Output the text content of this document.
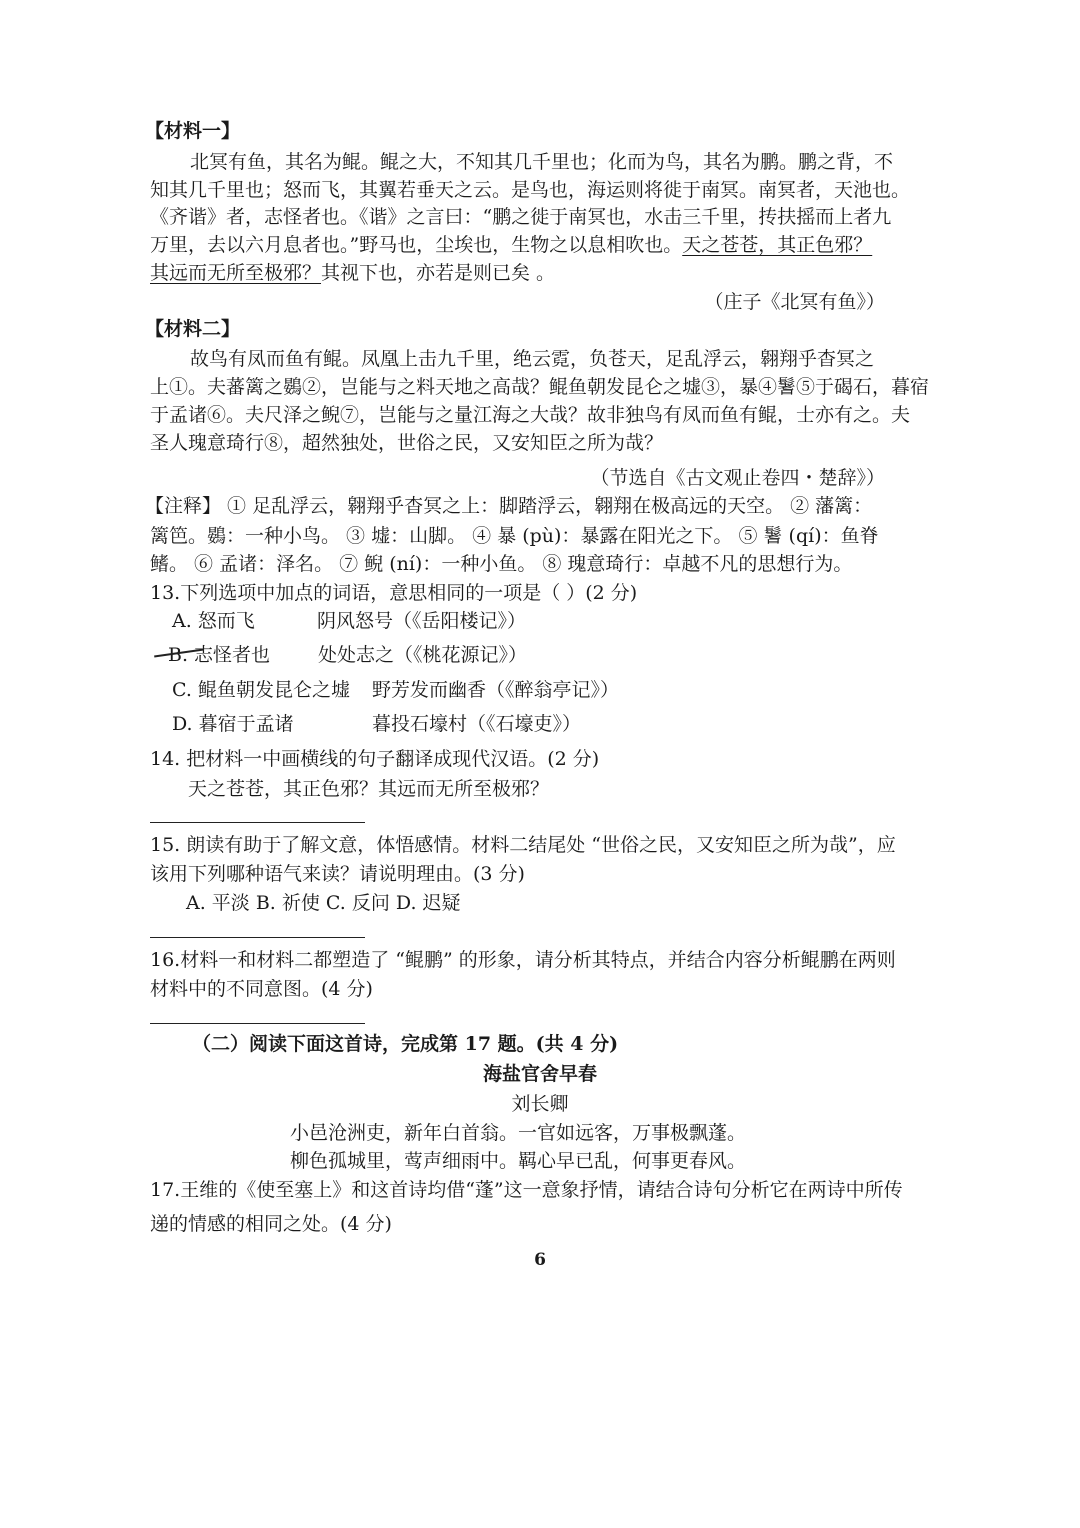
【材料一】
北冥有鱼，其名为鲲。鲲之大，不知其几千里也；化而为鸟，其名为鹏。鹏之背，不
知其几千里也；怒而飞，其翼若垂天之云。是鸟也，海运则将徙于南冥。南冥者，天池也。
《齐谐》者，志怪者也。《谐》之言曰：“鹏之徙于南冥也，水击三千里，抟扶摇而上者九
万里，去以六月息者也。”野马也，尘埃也，生物之以息相吹也。天之苍苍，其正色邪？
其远而无所至极邪？其视下也，亦若是则已矣 。
（庄子《北冥有鱼》）
【材料二】
故鸟有凤而鱼有鲲。凤凰上击九千里，绝云霓，负苍天，足乱浮云，翱翔乎杳冥之
上①。夫蕃篱之鷃②，岂能与之料天地之高哉？鲲鱼朝发昆仑之墟③，暴④鬐⑤于碣石，暮宿
于孟诸⑥。夫尺泽之鲵⑦，岂能与之量江海之大哉？故非独鸟有凤而鱼有鲲，士亦有之。夫
圣人瑰意琦行⑧，超然独处，世俗之民，又安知臣之所为哉？
（节选自《古文观止卷四・楚辞》）
【注释】 ① 足乱浮云，翱翔乎杳冥之上：脚踏浮云，翱翔在极高远的天空。 ② 藩篱：
篱笆。鷃：一种小鸟。 ③ 墟：山脚。 ④ 暴 (pù)：暴露在阳光之下。 ⑤ 鬐 (qí)：鱼脊
鳍。 ⑥ 孟诸：泽名。 ⑦ 鲵 (ní)：一种小鱼。 ⑧ 瑰意琦行：卓越不凡的思想行为。
13.下列选项中加点的词语，意思相同的一项是（ ）(2 分)
A. 怒而飞	阴风怒号（《岳阳楼记》）
B. 志怪者也	处处志之（《桃花源记》）
C. 鲲鱼朝发昆仑之墟 野芳发而幽香（《醉翁亭记》）
D. 暮宿于孟诸	暮投石壕村（《石壕吏》）
14. 把材料一中画横线的句子翻译成现代汉语。(2 分)
天之苍苍，其正色邪？其远而无所至极邪？
15. 朗读有助于了解文意，体悟感情。材料二结尾处 “世俗之民，又安知臣之所为哉”，应
该用下列哪种语气来读？请说明理由。(3 分)
A. 平淡 B. 祈使 C. 反问 D. 迟疑
16.材料一和材料二都塑造了 “鲲鹏” 的形象，请分析其特点，并结合内容分析鲲鹏在两则
材料中的不同意图。(4 分)
（二）阅读下面这首诗，完成第 17 题。(共 4 分)
海盐官舍早春
刘长卿
小邑沧洲吏，新年白首翁。一官如远客，万事极飘蓬。
柳色孤城里，莺声细雨中。羁心早已乱，何事更春风。
17.王维的《使至塞上》和这首诗均借“蓬”这一意象抒情，请结合诗句分析它在两诗中所传
递的情感的相同之处。(4 分)
6
